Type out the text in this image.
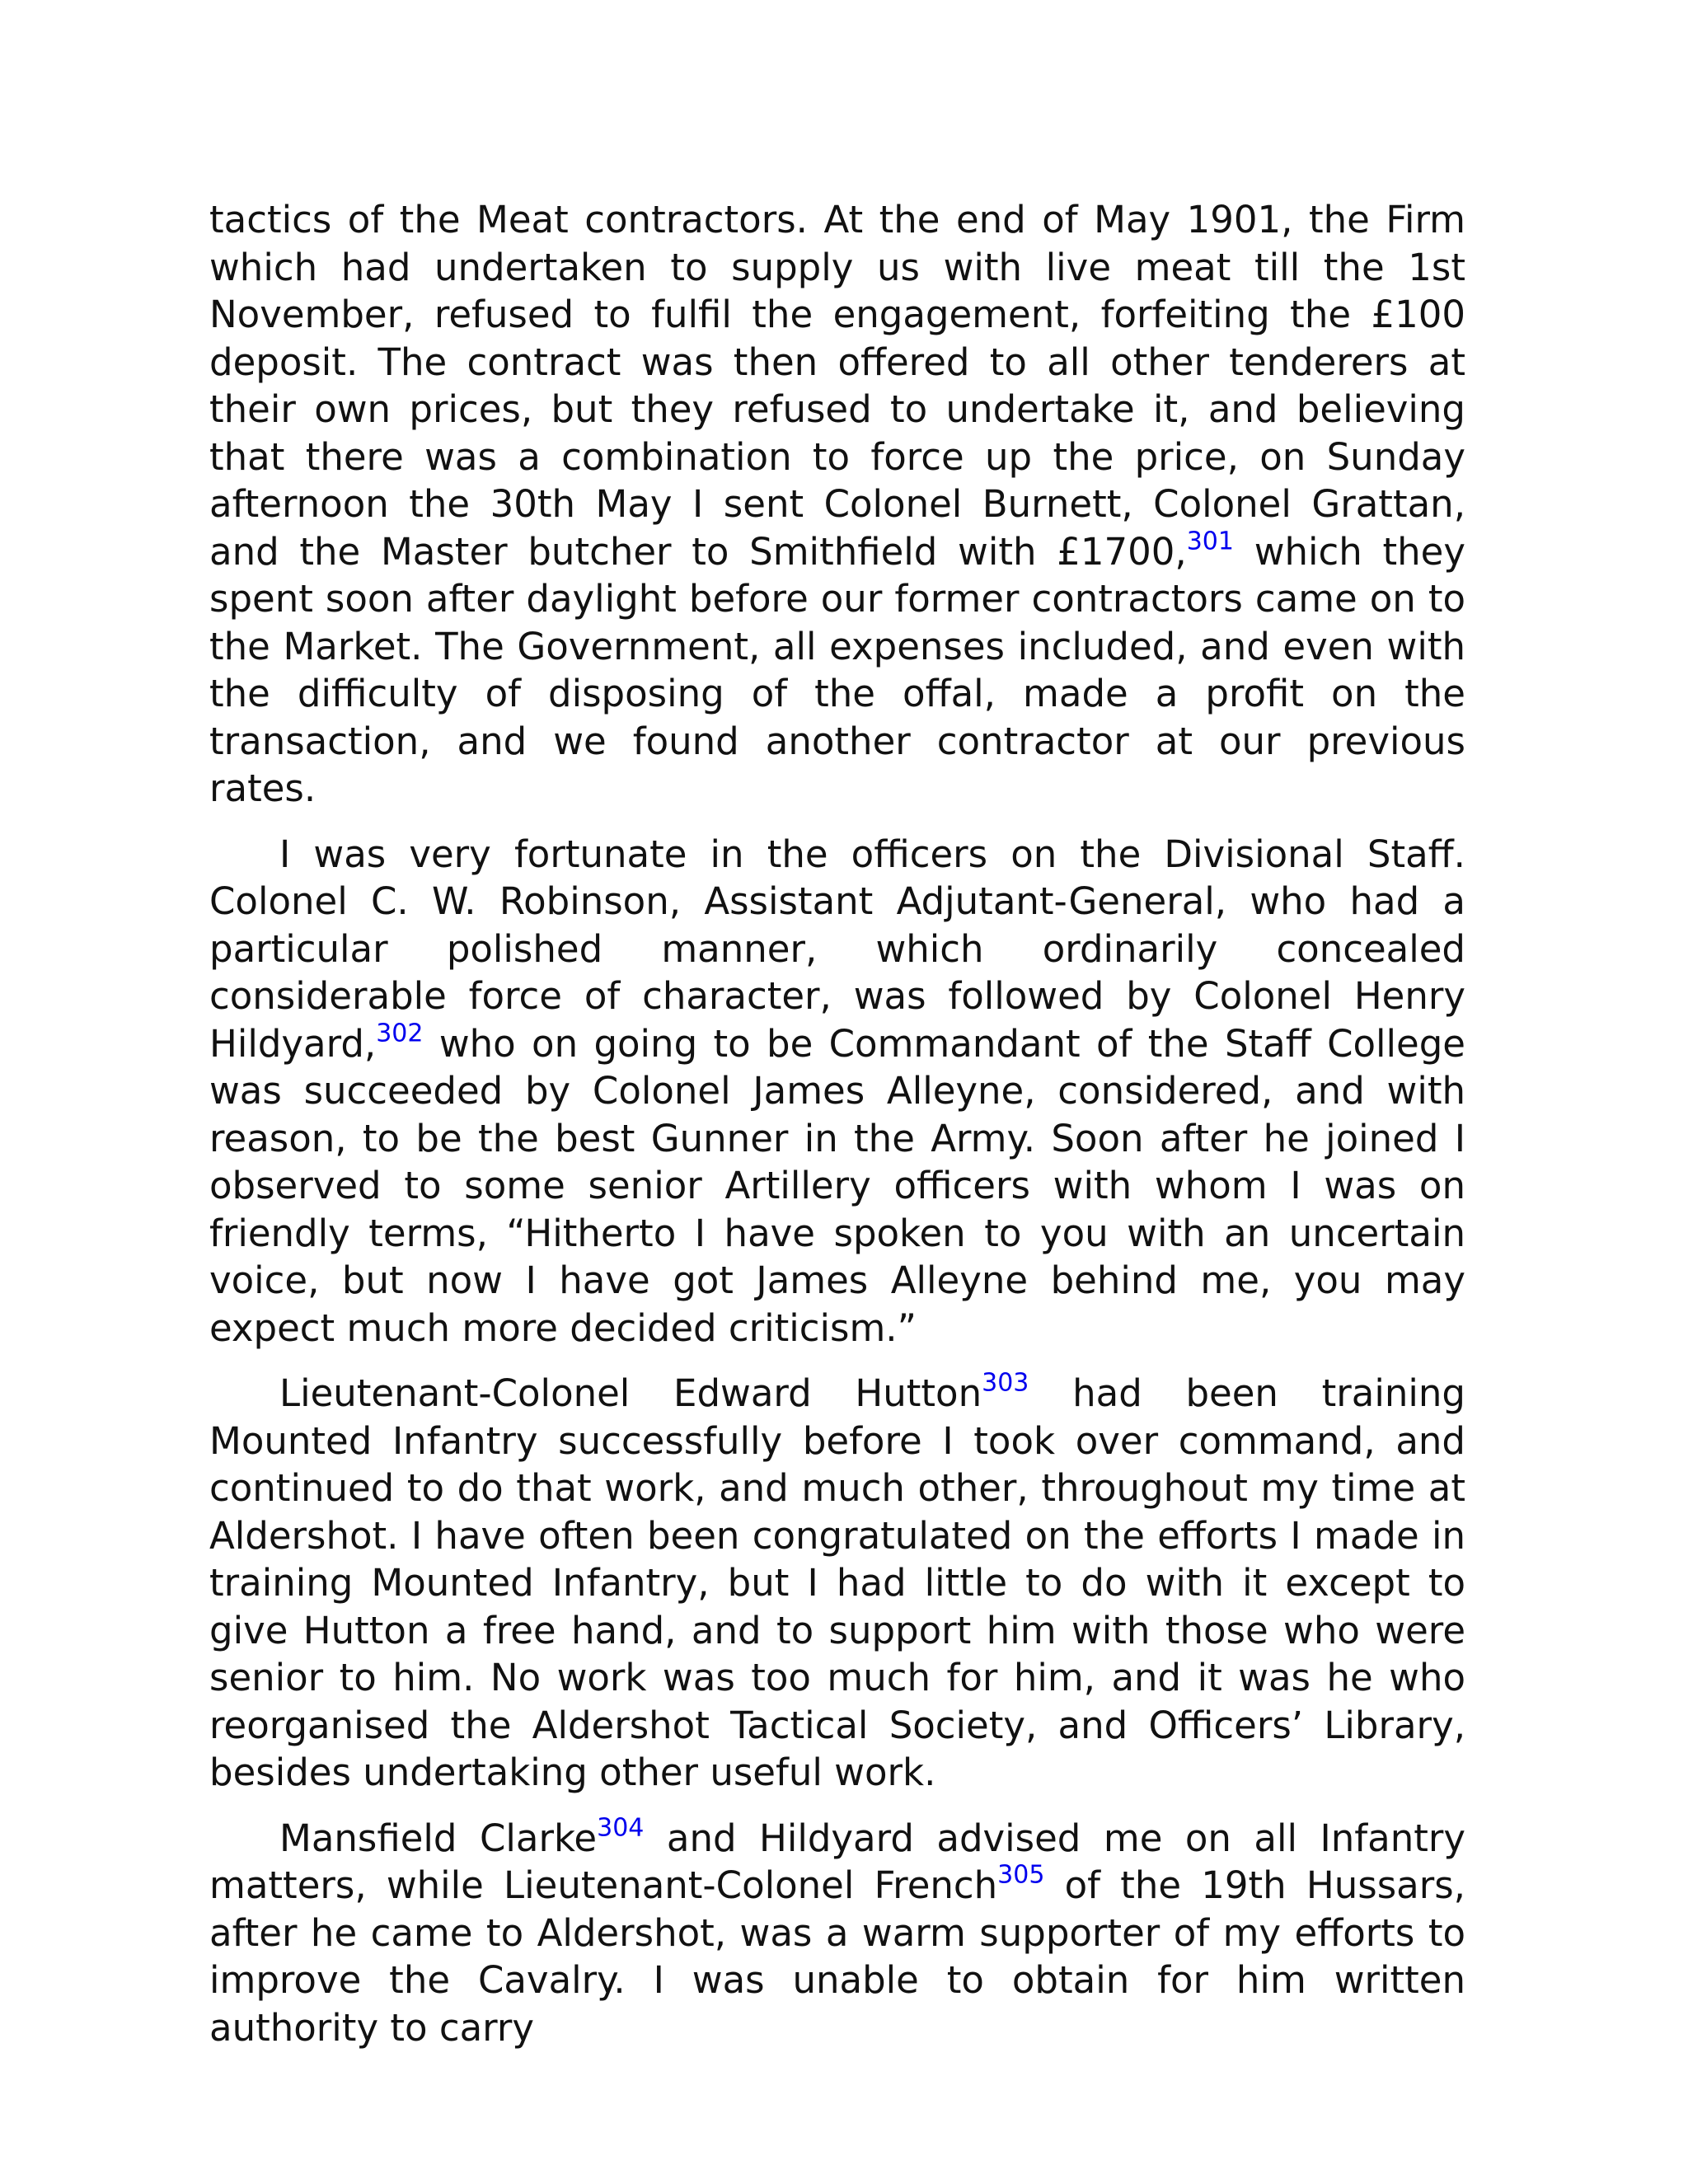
tactics of the Meat contractors. At the end of May 1901, the Firm which had undertaken to supply us with live meat till the 1st November, refused to fulfil the engagement, forfeiting the £100 deposit. The contract was then offered to all other tenderers at their own prices, but they refused to undertake it, and believing that there was a combination to force up the price, on Sunday afternoon the 30th May I sent Colonel Burnett, Colonel Grattan, and the Master butcher to Smithfield with £1700,$^{301}$ which they spent soon after daylight before our former contractors came on to the Market. The Government, all expenses included, and even with the difficulty of disposing of the offal, made a profit on the transaction, and we found another contractor at our previous rates.

I was very fortunate in the officers on the Divisional Staff. Colonel C. W. Robinson, Assistant Adjutant-General, who had a particular polished manner, which ordinarily concealed considerable force of character, was followed by Colonel Henry Hildyard,$^{302}$ who on going to be Commandant of the Staff College was succeeded by Colonel James Alleyne, considered, and with reason, to be the best Gunner in the Army. Soon after he joined I observed to some senior Artillery officers with whom I was on friendly terms, “Hitherto I have spoken to you with an uncertain voice, but now I have got James Alleyne behind me, you may expect much more decided criticism.”

Lieutenant-Colonel Edward Hutton$^{303}$ had been training Mounted Infantry successfully before I took over command, and continued to do that work, and much other, throughout my time at Aldershot. I have often been congratulated on the efforts I made in training Mounted Infantry, but I had little to do with it except to give Hutton a free hand, and to support him with those who were senior to him. No work was too much for him, and it was he who reorganised the Aldershot Tactical Society, and Officers’ Library, besides undertaking other useful work.

Mansfield Clarke$^{304}$ and Hildyard advised me on all Infantry matters, while Lieutenant-Colonel French$^{305}$ of the 19th Hussars, after he came to Aldershot, was a warm supporter of my efforts to improve the Cavalry. I was unable to obtain for him written authority to carry
